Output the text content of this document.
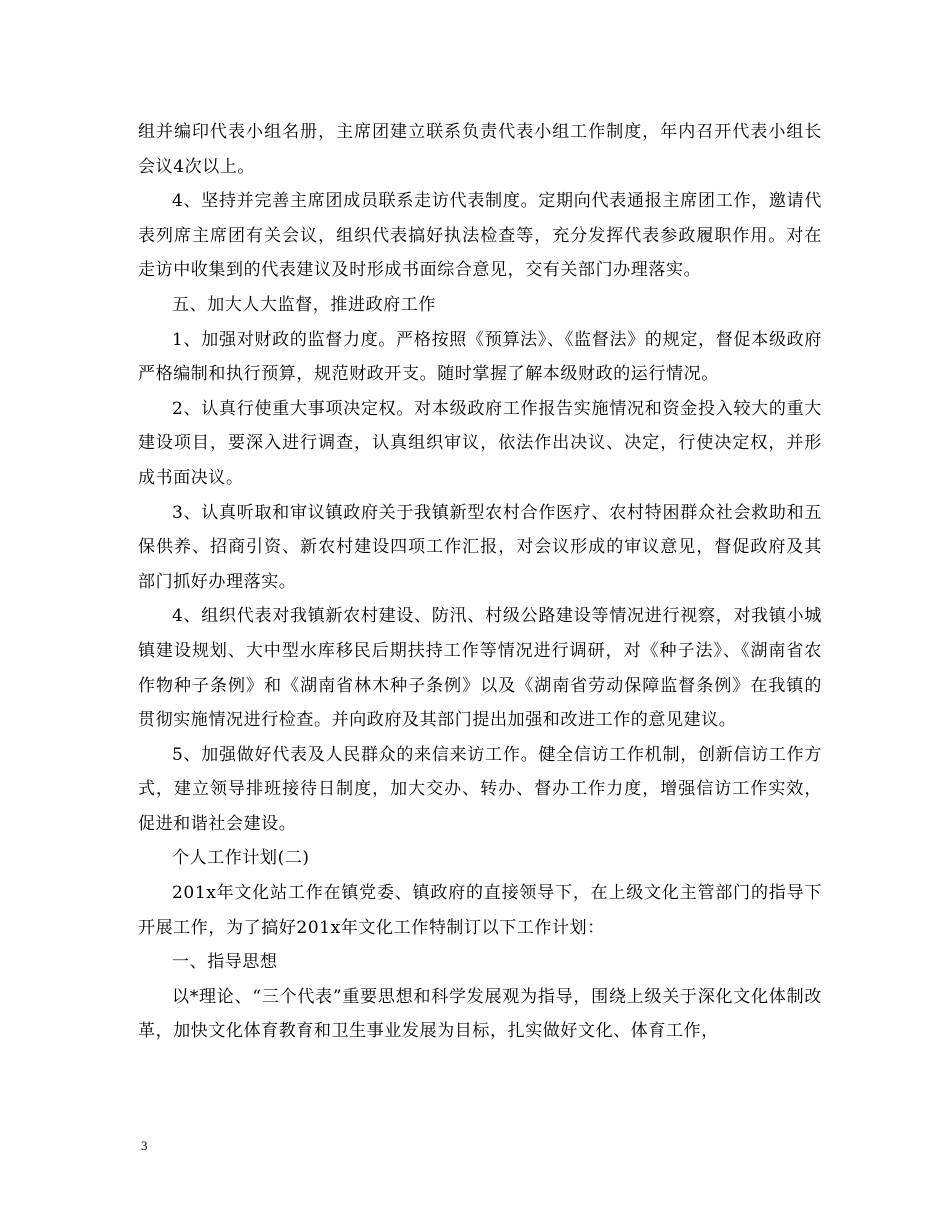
组并编印代表小组名册，主席团建立联系负责代表小组工作制度，年内召开代表小组长会议4次以上。

4、坚持并完善主席团成员联系走访代表制度。定期向代表通报主席团工作，邀请代表列席主席团有关会议，组织代表搞好执法检查等，充分发挥代表参政履职作用。对在走访中收集到的代表建议及时形成书面综合意见，交有关部门办理落实。

五、加大人大监督，推进政府工作

1、加强对财政的监督力度。严格按照《预算法》、《监督法》的规定，督促本级政府严格编制和执行预算，规范财政开支。随时掌握了解本级财政的运行情况。

2、认真行使重大事项决定权。对本级政府工作报告实施情况和资金投入较大的重大建设项目，要深入进行调查，认真组织审议，依法作出决议、决定，行使决定权，并形成书面决议。

3、认真听取和审议镇政府关于我镇新型农村合作医疗、农村特困群众社会救助和五保供养、招商引资、新农村建设四项工作汇报，对会议形成的审议意见，督促政府及其部门抓好办理落实。

4、组织代表对我镇新农村建设、防汛、村级公路建设等情况进行视察，对我镇小城镇建设规划、大中型水库移民后期扶持工作等情况进行调研，对《种子法》、《湖南省农作物种子条例》和《湖南省林木种子条例》以及《湖南省劳动保障监督条例》在我镇的贯彻实施情况进行检查。并向政府及其部门提出加强和改进工作的意见建议。

5、加强做好代表及人民群众的来信来访工作。健全信访工作机制，创新信访工作方式，建立领导排班接待日制度，加大交办、转办、督办工作力度，增强信访工作实效，促进和谐社会建设。

个人工作计划(二)

201x年文化站工作在镇党委、镇政府的直接领导下，在上级文化主管部门的指导下开展工作，为了搞好201x年文化工作特制订以下工作计划：

一、指导思想

以*理论、“三个代表”重要思想和科学发展观为指导，围绕上级关于深化文化体制改革，加快文化体育教育和卫生事业发展为目标，扎实做好文化、体育工作，

3
